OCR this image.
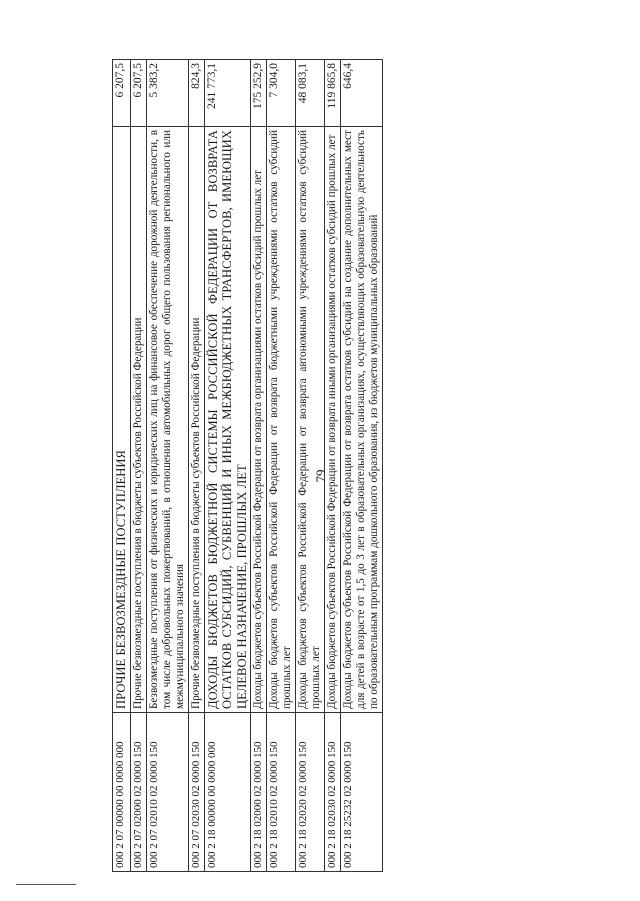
79
000 2 07 00000 00 0000 000	ПРОЧИЕ БЕЗВОЗМЕЗДНЫЕ ПОСТУПЛЕНИЯ	6 207,5
000 2 07 02000 02 0000 150	Прочие безвозмездные поступления в бюджеты субъектов Российской Федерации	6 207,5
000 2 07 02010 02 0000 150	Безвозмездные поступления от физических и юридических лиц на финансовое обеспечение дорожной деятельности, в том числе добровольных пожертвований, в отношении автомобильных дорог общего пользования регионального или межмуниципального значения	5 383,2
000 2 07 02030 02 0000 150	Прочие безвозмездные поступления в бюджеты субъектов Российской Федерации	824,3
000 2 18 00000 00 0000 000	ДОХОДЫ БЮДЖЕТОВ БЮДЖЕТНОЙ СИСТЕМЫ РОССИЙСКОЙ ФЕДЕРАЦИИ ОТ ВОЗВРАТА ОСТАТКОВ СУБСИДИЙ, СУБВЕНЦИЙ И ИНЫХ МЕЖБЮДЖЕТНЫХ ТРАНСФЕРТОВ, ИМЕЮЩИХ ЦЕЛЕВОЕ НАЗНАЧЕНИЕ, ПРОШЛЫХ ЛЕТ	241 773,1
000 2 18 02000 02 0000 150	Доходы бюджетов субъектов Российской Федерации от возврата организациями остатков субсидий прошлых лет	175 252,9
000 2 18 02010 02 0000 150	Доходы бюджетов субъектов Российской Федерации от возврата бюджетными учреждениями остатков субсидий прошлых лет	7 304,0
000 2 18 02020 02 0000 150	Доходы бюджетов субъектов Российской Федерации от возврата автономными учреждениями остатков субсидий прошлых лет	48 083,1
000 2 18 02030 02 0000 150	Доходы бюджетов субъектов Российской Федерации от возврата иными организациями остатков субсидий прошлых лет	119 865,8
000 2 18 25232 02 0000 150	Доходы бюджетов субъектов Российской Федерации от возврата остатков субсидий на создание дополнительных мест для детей в возрасте от 1,5 до 3 лет в образовательных организациях, осуществляющих образовательную деятельность по образовательным программам дошкольного образования, из бюджетов муниципальных образований	646,4
